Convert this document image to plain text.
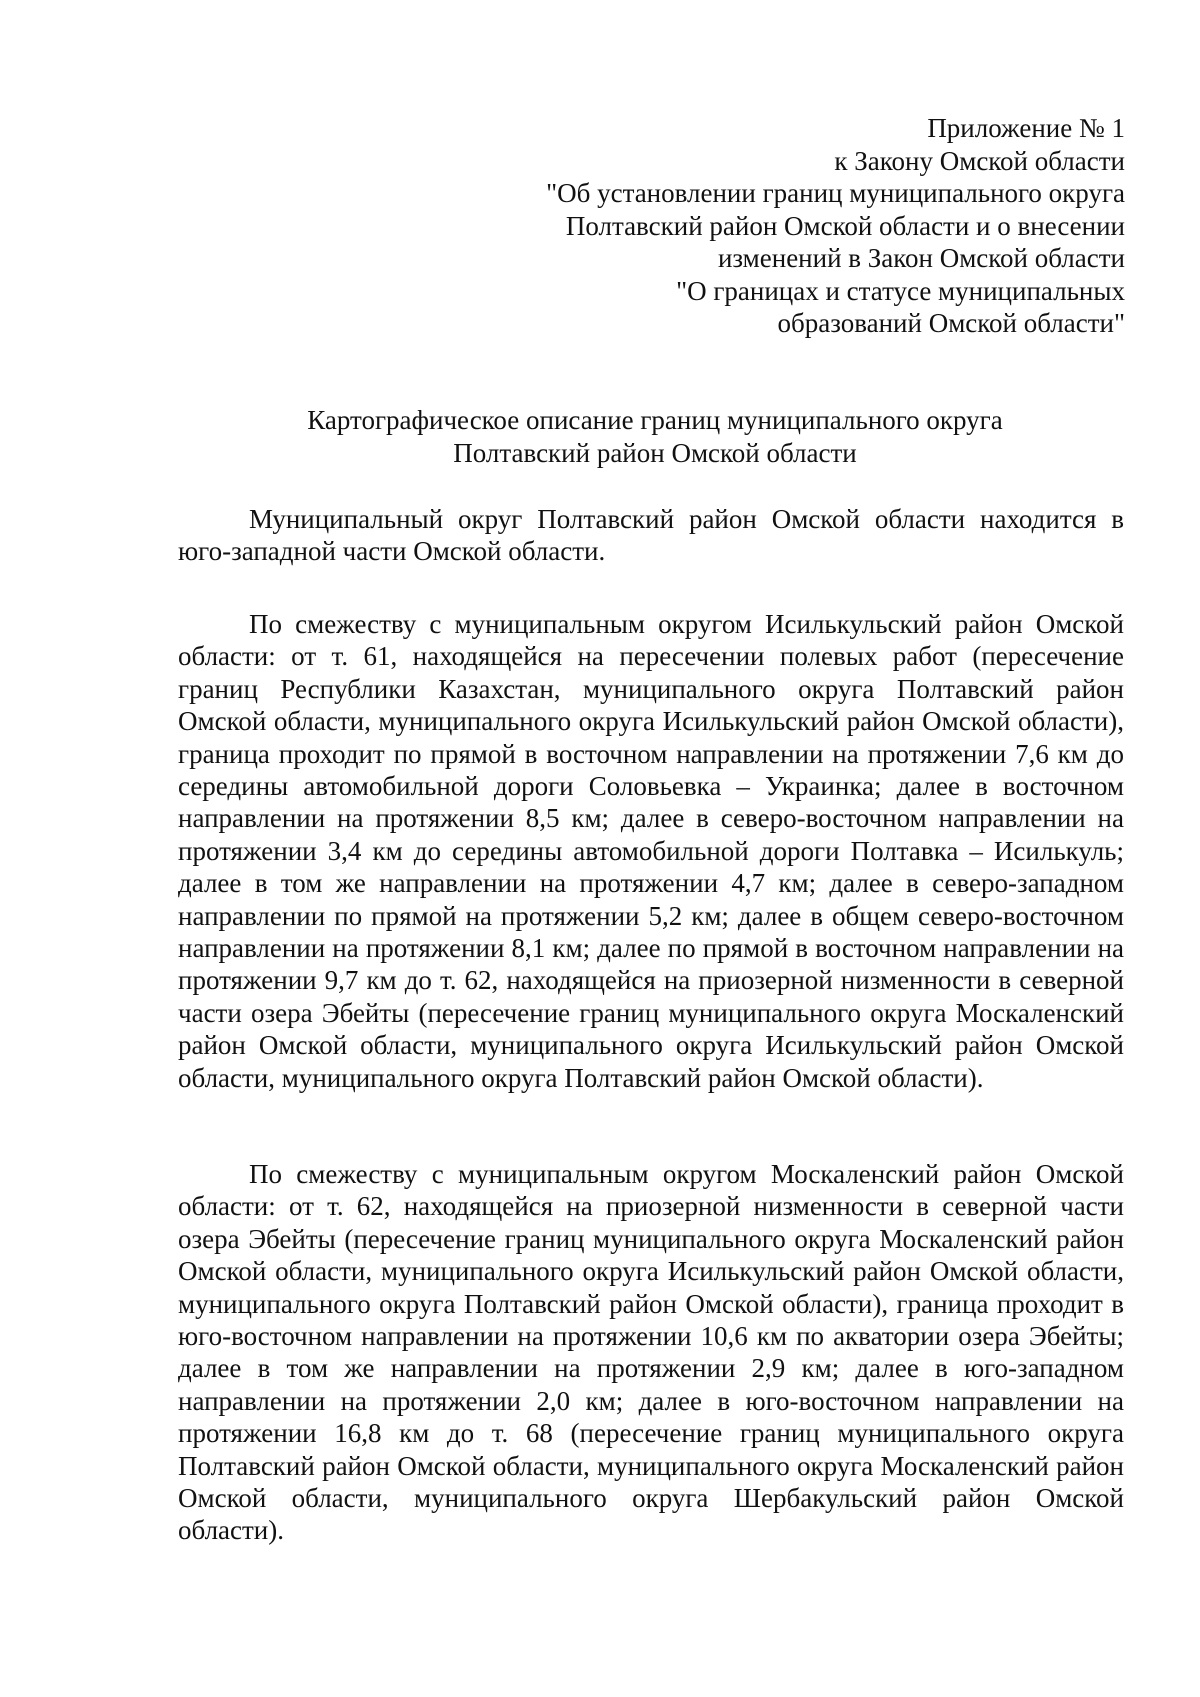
Приложение № 1
к Закону Омской области
"Об установлении границ муниципального округа
Полтавский район Омской области и о внесении
изменений в Закон Омской области
"О границах и статусе муниципальных
образований Омской области"
Картографическое описание границ муниципального округа
Полтавский район Омской области

Муниципальный округ Полтавский район Омской области находится в юго-западной части Омской области.

По смежеству с муниципальным округом Исилькульский район Омской области: от т. 61, находящейся на пересечении полевых работ (пересечение границ Республики Казахстан, муниципального округа Полтавский район Омской области, муниципального округа Исилькульский район Омской области), граница проходит по прямой в восточном направлении на протяжении 7,6 км до середины автомобильной дороги Соловьевка – Украинка; далее в восточном направлении на протяжении 8,5 км; далее в северо-восточном направлении на протяжении 3,4 км до середины автомобильной дороги Полтавка – Исилькуль; далее в том же направлении на протяжении 4,7 км; далее в северо-западном направлении по прямой на протяжении 5,2 км; далее в общем северо-восточном направлении на протяжении 8,1 км; далее по прямой в восточном направлении на протяжении 9,7 км до т. 62, находящейся на приозерной низменности в северной части озера Эбейты (пересечение границ муниципального округа Москаленский район Омской области, муниципального округа Исилькульский район Омской области, муниципального округа Полтавский район Омской области).

По смежеству с муниципальным округом Москаленский район Омской области: от т. 62, находящейся на приозерной низменности в северной части озера Эбейты (пересечение границ муниципального округа Москаленский район Омской области, муниципального округа Исилькульский район Омской области, муниципального округа Полтавский район Омской области), граница проходит в юго-восточном направлении на протяжении 10,6 км по акватории озера Эбейты; далее в том же направлении на протяжении 2,9 км; далее в юго-западном направлении на протяжении 2,0 км; далее в юго-восточном направлении на протяжении 16,8 км до т. 68 (пересечение границ муниципального округа Полтавский район Омской области, муниципального округа Москаленский район Омской области, муниципального округа Шербакульский район Омской области).
